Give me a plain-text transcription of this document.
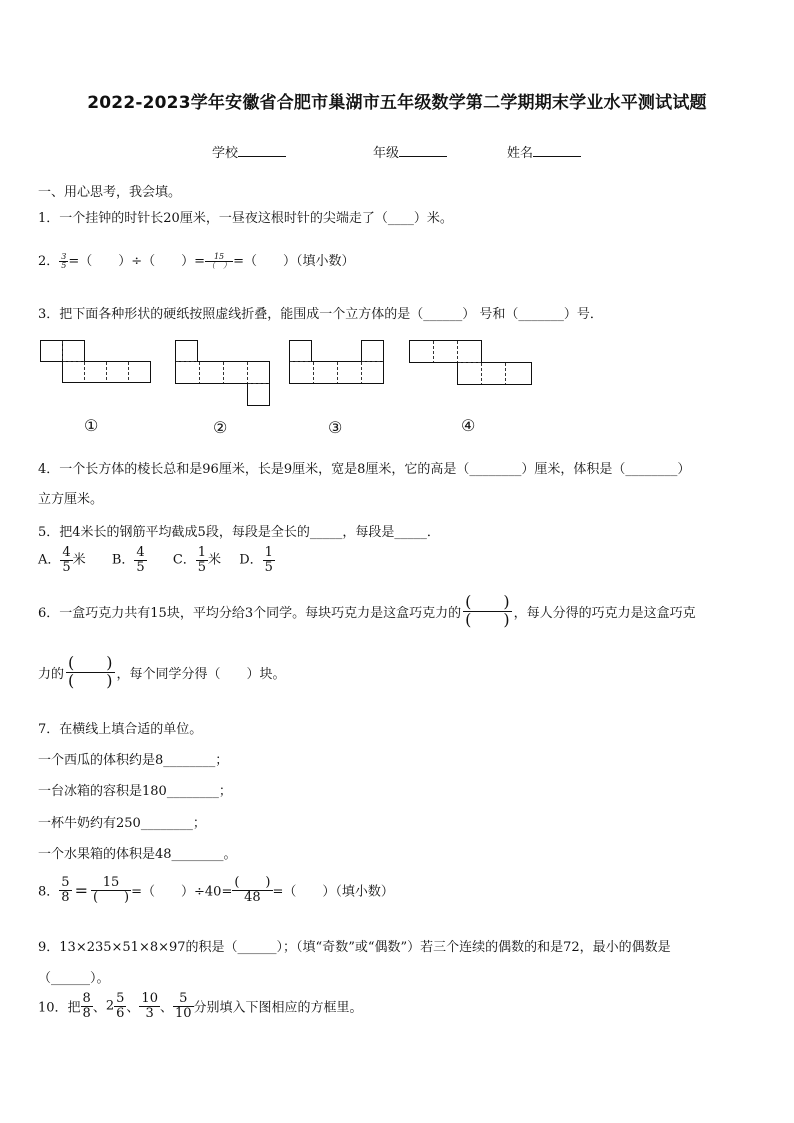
2022-2023学年安徽省合肥市巢湖市五年级数学第二学期期末学业水平测试试题
学校	年级	姓名
一、用心思考，我会填。
1．一个挂钟的时针长20厘米，一昼夜这根时针的尖端走了（____）米。
2． $\frac{3}{5}$ =（　　）÷（　　）= $\frac{15}{( )}$ =（　　）（填小数）
3．把下面各种形状的硬纸按照虚线折叠，能围成一个立方体的是（______） 号和（_______）号．
①	②	③	④
4．一个长方体的棱长总和是96厘米，长是9厘米，宽是8厘米，它的高是（________）厘米，体积是（________）
立方厘米。
5．把4米长的钢筋平均截成5段，每段是全长的_____，每段是_____．
A． $\frac{4}{5}$ 米 B． $\frac{4}{5}$ C． $\frac{1}{5}$ 米 D． $\frac{1}{5}$
6．一盒巧克力共有15块，平均分给3个同学。每块巧克力是这盒巧克力的 $\frac{( )}{( )}$ ，每人分得的巧克力是这盒巧克
力的 $\frac{( )}{( )}$ ，每个同学分得（　　）块。
7．在横线上填合适的单位。
一个西瓜的体积约是8________；
一台冰箱的容积是180________；
一杯牛奶约有250________；
一个水果箱的体积是48________。
8． $\frac{5}{8} = \frac{15}{( )}$ =（　　）$\div 40= \frac{( )}{48}$ =（　　）（填小数）
9．13×235×51×8×97的积是（______）；（填“奇数”或“偶数”）若三个连续的偶数的和是72，最小的偶数是
（______）。
10．把 $\frac{8}{8}$ 、$2 \frac{5}{6}$ 、 $\frac{10}{3}$ 、 $\frac{5}{10}$ 分别填入下图相应的方框里。
